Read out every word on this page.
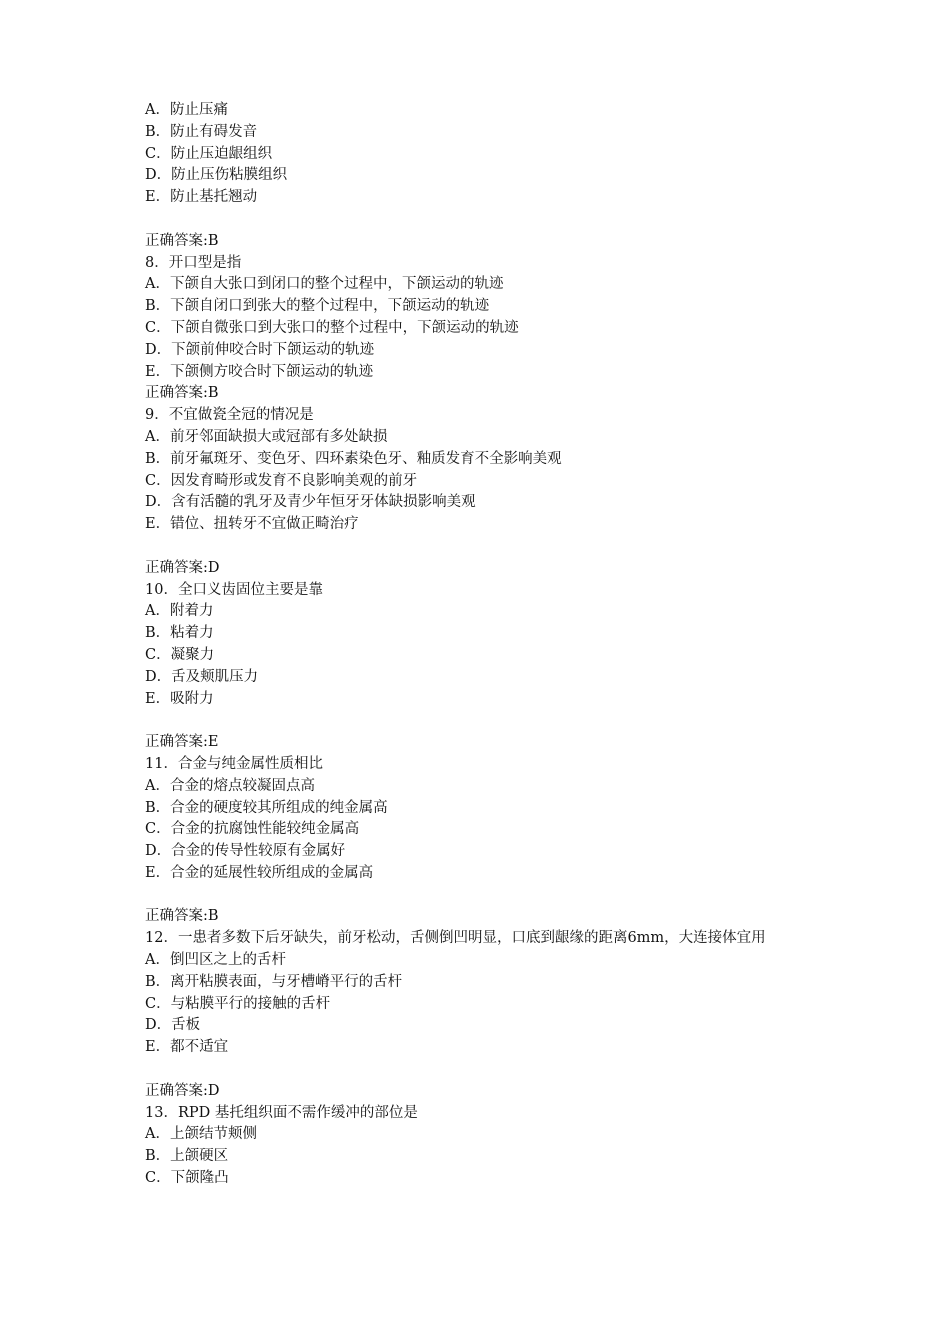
A．防止压痛
B．防止有碍发音
C．防止压迫龈组织
D．防止压伤粘膜组织
E．防止基托翘动
正确答案:B
8．开口型是指
A．下颌自大张口到闭口的整个过程中，下颌运动的轨迹
B．下颌自闭口到张大的整个过程中，下颌运动的轨迹
C．下颌自微张口到大张口的整个过程中，下颌运动的轨迹
D．下颌前伸咬合时下颌运动的轨迹
E．下颌侧方咬合时下颌运动的轨迹
正确答案:B
9．不宜做瓷全冠的情况是
A．前牙邻面缺损大或冠部有多处缺损
B．前牙氟斑牙、变色牙、四环素染色牙、釉质发育不全影响美观
C．因发育畸形或发育不良影响美观的前牙
D．含有活髓的乳牙及青少年恒牙牙体缺损影响美观
E．错位、扭转牙不宜做正畸治疗
正确答案:D
10．全口义齿固位主要是靠
A．附着力
B．粘着力
C．凝聚力
D．舌及颊肌压力
E．吸附力
正确答案:E
11．合金与纯金属性质相比
A．合金的熔点较凝固点高
B．合金的硬度较其所组成的纯金属高
C．合金的抗腐蚀性能较纯金属高
D．合金的传导性较原有金属好
E．合金的延展性较所组成的金属高
正确答案:B
12．一患者多数下后牙缺失，前牙松动，舌侧倒凹明显，口底到龈缘的距离6mm，大连接体宜用
A．倒凹区之上的舌杆
B．离开粘膜表面，与牙槽嵴平行的舌杆
C．与粘膜平行的接触的舌杆
D．舌板
E．都不适宜
正确答案:D
13．RPD 基托组织面不需作缓冲的部位是
A．上颌结节颊侧
B．上颌硬区
C．下颌隆凸
